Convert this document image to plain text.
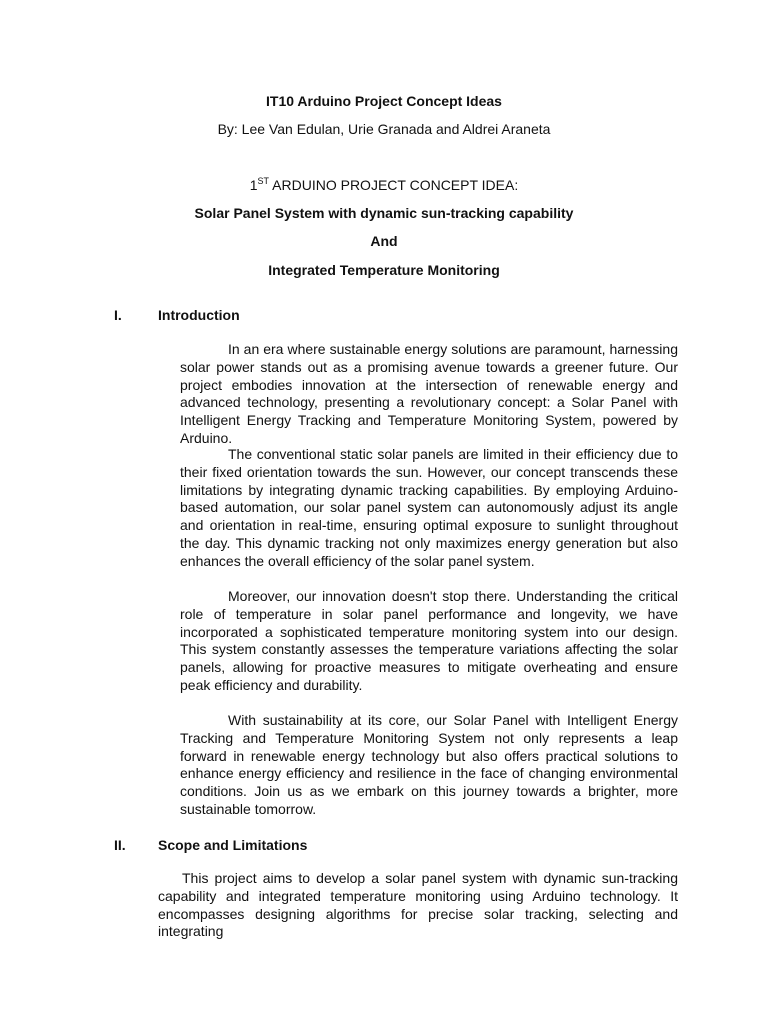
IT10 Arduino Project Concept Ideas

By: Lee Van Edulan, Urie Granada and Aldrei Araneta

1ST ARDUINO PROJECT CONCEPT IDEA:

Solar Panel System with dynamic sun-tracking capability

And

Integrated Temperature Monitoring

I.	Introduction

In an era where sustainable energy solutions are paramount, harnessing solar power stands out as a promising avenue towards a greener future. Our project embodies innovation at the intersection of renewable energy and advanced technology, presenting a revolutionary concept: a Solar Panel with Intelligent Energy Tracking and Temperature Monitoring System, powered by Arduino.

The conventional static solar panels are limited in their efficiency due to their fixed orientation towards the sun. However, our concept transcends these limitations by integrating dynamic tracking capabilities. By employing Arduino-based automation, our solar panel system can autonomously adjust its angle and orientation in real-time, ensuring optimal exposure to sunlight throughout the day. This dynamic tracking not only maximizes energy generation but also enhances the overall efficiency of the solar panel system.

Moreover, our innovation doesn't stop there. Understanding the critical role of temperature in solar panel performance and longevity, we have incorporated a sophisticated temperature monitoring system into our design. This system constantly assesses the temperature variations affecting the solar panels, allowing for proactive measures to mitigate overheating and ensure peak efficiency and durability.

With sustainability at its core, our Solar Panel with Intelligent Energy Tracking and Temperature Monitoring System not only represents a leap forward in renewable energy technology but also offers practical solutions to enhance energy efficiency and resilience in the face of changing environmental conditions. Join us as we embark on this journey towards a brighter, more sustainable tomorrow.

II. Scope and Limitations

This project aims to develop a solar panel system with dynamic sun-tracking capability and integrated temperature monitoring using Arduino technology. It encompasses designing algorithms for precise solar tracking, selecting and integrating
